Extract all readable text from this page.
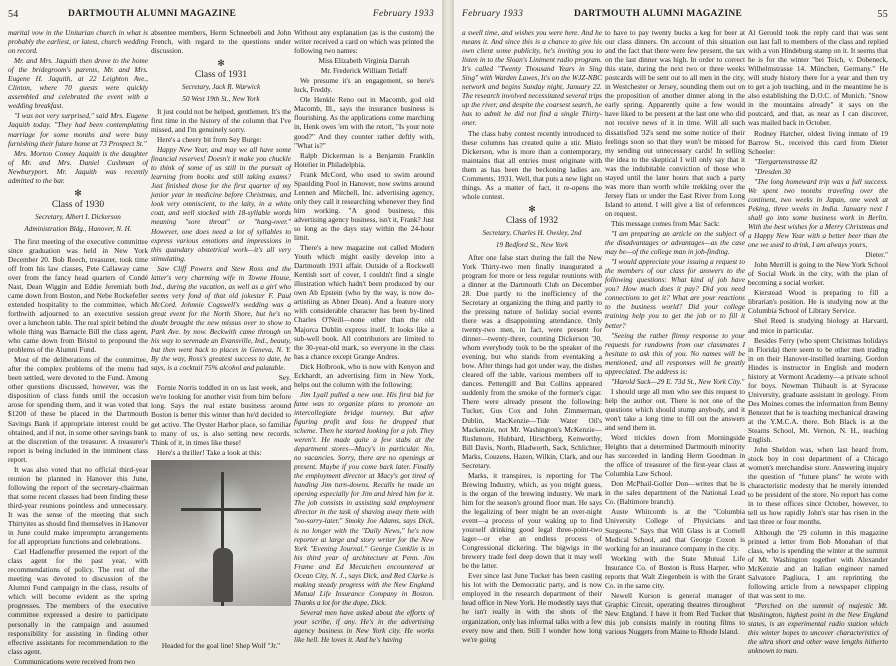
54	DARTMOUTH ALUMNI MAGAZINE	February 1933

marital vow in the Unitarian church in what is probably the earliest, or latest, church wedding on record.

Mr. and Mrs. Jaquith then drove to the home of the bridegroom's parents, Mr. and Mrs. Eugene H. Jaquith, at 22 Leighton Ave., Clinton, where 70 guests were quickly assembled and celebrated the event with a wedding breakfast.

"I was not very surprised," said Mrs. Eugene Jaquith today. "They had been contemplating marriage for some months and were busy furnishing their future home at 73 Prospect St."

Mrs. Morton Comey Jaquith is the daughter of Mr. and Mrs. Daniel Cushman of Newburyport. Mr. Jaquith was recently admitted to the bar.

✻
Class of 1930
Secretary, Albert I. Dickerson
Administration Bldg., Hanover, N. H.

The first meeting of the executive committee since graduation was held in New York December 20. Bob Reech, treasurer, took time off from his law classes, Pete Callaway came over from the fancy head quarters of Condé Nast, Dean Wiggin and Eddie Jeremiah both came down from Boston, and Nebe Rockefeller extended hospitality to the committee, which forthwith adjourned to an executive session over a luncheon table. The real spirit behind the whole thing was Barnacle Bill the class agent, who came down from Bristol to propound the problems of the Alumni Fund.

Most of the deliberations of the committee, after the complex problems of the menu had been settled, were devoted to the Fund. Among other questions discussed, however, was the disposition of class funds until the occasion arose for spending them, and it was voted that $1200 of these be placed in the Dartmouth Savings Bank if appropriate interest could be obtained, and if not, in some other savings bank at the discretion of the treasurer. A treasurer's report is being included in the imminent class report.

It was also voted that no official third-year reunion be planned in Hanover this June, following the report of the secretary-chairman that some recent classes had been finding these third-year reunions pointless and unnecessary. It was the sense of the meeting that such Thirtyites as should find themselves in Hanover in June could make impromptu arrangements for all appropriate functions and celebrations.

Carl Hadfeneffer presented the report of the class agent for the past year, with recommendations of policy. The rest of the meeting was devoted to discussion of the Alumni Fund campaign in the class, results of which will become evident as the spring progresses. The members of the executive committee expressed a desire to participate personally in the campaign and assumed responsibility for assisting in finding other effective assistants for recommendation to the class agent.

Communications were received from two

absentee members, Herm Schneebeli and John French, with regard to the questions under discussion.

✻
Class of 1931
Secretary, Jack R. Warwick
50 West 19th St., New York

It just could not be helped, gentlemen. It's the first time in the history of the column that I've missed, and I'm genuinely sorry.

Here's a cheery bit from Sey Burge:

Happy New Year, and may we all have some financial reserves! Doesn't it make you chuckle to think of some of us still in the pursuit of learning from books and still taking exams? Just finished those for the first quarter of my junior year in medicine before Christmas, and look very omniscient, to the laity, in a white coat, and well stocked with 18-syllable words meaning "sore throat" or "hang-over." However, one does need a lot of syllables to express various emotions and impressions in this quandary obstetrical work—it's all very stimulating.

Saw Cliff Powers and Stew Ross and the latter's very charming wife in Towne House, Ind., during the vacation, as well as a girl who seems very fond of that old jokester F. Paul McCord. Johnnie Cogswell's wedding was a great event for the North Shore, but he's no doubt brought the new missus over to show to Park Ave. by now. Beckwith came through on his way to serenade an Evansville, Ind., beauty, but then went back to places in Geneva, N. Y. By the way, Ross's greatest success to date, he says, is a cocktail 75% alcohol and palatable.

Sey.

Fornie Norris toddled in on us last week, and we're looking for another visit from him before long. Says the real estate business around Boston is better this winter than he'd decided to get active. The Oyster Harbor place, so familiar to many of us, is also setting new records. Think of it, in times like these!

Here's a thriller! Take a look at this:

Headed for the goal line! Shep Wolf "Jr."

Without any explanation (as is the custom) the writer received a card on which was printed the following two names:

Miss Elizabeth Virginia Darrah

Mr. Frederick William Tetlaff

We presume it's an engagement, so here's luck, Freddy.

Ole Henkle Reno out in Macomb, god old Macomb, Ill., says the insurance business is flourishing. As the applications come marching in, Henk owes 'em with the retort, "Is your note good?" And they counter rather deftly with, "What is?"

Ralph Dickerman is a Benjamin Franklin Hotelier in Philadelphia.

Frank McCord, who used to swim around Spaulding Pool in Hanover, now swims around Lennen and Mitchell, Inc. advertising agency, only they call it researching whenever they find him working. "A good business, this advertising agency business, isn't it, Frank? Just so long as the days stay within the 24-hour limit.

There's a new magazine out called Modern Youth which might easily develop into a Dartmouth 1931 affair. Outside of a Rockwell Kentish sort of cover, I couldn't find a single illustration which hadn't been produced by our own Ab Epstein (who by the way, is now do-artistiing as Abner Dean). And a feature story with considerable character has been by-lined Charles O'Neill—none other than the old Majorca Dublin express itself. It looks like a sub-well book. All contributors are limited to the 30-year-old mark, so everyone in the class has a chance except Grange Andres.

Dick Holbrook, who is now with Kenyon and Eckhardt, an advertising firm in New York, helps out the column with the following:

Jim Lyall pulled a new one. His first bid for fame was to organize plans to promote an intercollegiate bridge tourney. But after figuring profit and loss he dropped that scheme. Then he started looking for a job. They weren't. He made quite a few stabs at the department stores—Macy's in particular. No, no vacancies. Sorry, there are no openings at present. Maybe if you come back later. Finally the employment director at Macy's got tired of handing Jim turn-downs. Recalls he made an opening especially for Jim and hired him for it. The job consists in assisting said employment director in the task of shaving away them with "no-sorry-later." Smoky Joe Adams, says Dick, is no longer with the "Daily News," he's now reporter at large and story writer for the New York "Evening Journal." George Conklin is in his third year of architecture at Penn. Jim Frame and Ed Mecutchen encountered at Ocean City, N. J., says Dick, and Red Clarke is making steady progress with the New England Mutual Life Insurance Company in Boston. Thanks a lot for the dope, Dick.

Several men have asked about the efforts of your scribe, if any. He's in the advertising agency business in New York city. He works like hell. He loves it. And he's having

February 1933	DARTMOUTH ALUMNI MAGAZINE	55

a swell time, and wishes you were here. And he means it. And since this is a chance to give his own client some publicity, he's inviting you to listen in to the Sloan's Liniment radio program. It's called "Twenty Thousand Years in Sing Sing" with Warden Lawes, It's on the WJZ-NBC network and begins Sunday night, January 22. The research involved necessitated several trips up the river, and despite the coarsest search, he has to admit he did not find a single Thirty-oner.

The class baby contest recently introduced to these columns has created quite a stir. Misto Dickerson, who is more than a contemporary, maintains that all entries must originate with them as has been the beckoning ladies are. Comments, 1931. Well, that puts a new light on things. As a matter of fact, it re-opens the whole contest.

✻
Class of 1932
Secretary, Charles H. Owsley, 2nd
19 Bedford St., New York

After one false start during the fall the New York Thirty-two men finally inaugurated a program for more or less regular reunions with a dinner at the Dartmouth Club on December 28. Due partly to the inefficiency of the Secretary at organizing the thing and partly to the pressing nature of holiday social events there was a disappointing attendance. Only twenty-two men, in fact, were present for dinner—twenty-three, counting Dickerson '30, whom everybody took to be the speaker of the evening, but who stands from eventaking a bow. After things had got under way, the dishes cleared off the table, various members off to dances. Pettengill and But Collins appeared suddenly from the smoke of the former's cigar. There were already present the following: Tucker, Gus Cox and John Zimmerman, Dublin, MacKenzie—Tide Water Oil's Mackenzie, not Mr. Washington's McKenzie—Rushmore, Hubbard, Hirschberg, Kenworthy, Bill Davis, North, Bladworth, Sack, Schlichter, Marks, Couzens, Hazen, Wilkin, Clark, and our Secretary.

Marks, it transpires, is reporting for The Brewing Industry, which, as you might guess, is the organ of the brewing industry. We mark him for the season's ground floor man. He says the legalizing of beer might be an over-night event—a process of your waking up to find yourself drinking good legal three-point-two lager—or else an endless process of Congressional dickering. The bigwigs in the brewery trade feel deep down that it may well be the latter.

Ever since last June Tucker has been casting his lot with the Democratic party, and is now employed in the research department of their head office in New York. He modestly says that he isn't really in with the shots of the organization, only has informal talks with a few every now and then. Still I wonder how long we're going

to have to pay twenty bucks a keg for beer at our class dinners. On account of this situation and the fact that there were few present, the tax on the last dinner was high. In order to correct this state, during the next two or three weeks postcards will be sent out to all men in the city, in Westchester or Jersey, sounding them out on the proposition of another dinner along in the early spring. Apparently quite a few would have liked to be present at the last one who did not receive news of it in time. Will all such dissatisfied '32's send me some notice of their feelings soon so that they won't be missed for my sending out unnecessary cards! In selling the idea to the skeptical I will only say that it was the indubitable conviction of those who stayed until the later hours that such a party was more than worth while trekking over the Jersey flats or under the East River from Long Island to attend. I will give a list of references on request.

This message comes from Mac Sack:

"I am preparing an article on the subject of the disadvantages or advantages—as the case may be—of the college man in job-finding.

"I would appreciate your issuing a request to the members of our class for answers to the following questions: What kind of job have you? How much does it pay? Did you need connections to get it? What are your reactions to the business world? Did your college training help you to get the job or to fill it better?

"Seeing the rather flimsy response to your requests for rundowns from our classmates I hesitate to ask this of you. No names will be mentioned, and all responses will be greatly appreciated. The address is:

"Harold Sack—29 E. 73d St., New York City."

I should urge all men who see this request to help the author out. There is not one of the questions which should stump anybody, and it won't take a long time to fill out the answers and send them in.

Word trickles down from Morningside Heights that a determined Dartmouth minority has succeeded in landing Herm Goodman in the office of treasurer of the first-year class at Columbia Law School.

Don McPhail-Goller Don—writes that he is in the sales department of the National Lead Co. (Baltimore branch).

Auste Whitcomb is at the "Columbia University College of Physicians and Surgeons." Says that Will Glass is at Cornell Medical School, and that George Coxon is working for an insurance company in the city.

Working with the State Mutual Life Insurance Co. of Boston is Russ Harper, who reports that Walt Ziegenbein is with the Grant Co. in the same city.

Newell Kurson is general manager of Graphic Circuit, operating theatres throughout New England. I have it from Red Tucker that this job consists mainly in routing films to various Nuggets from Maine to Rhode Island.

Al Gerould took the reply card that was sent out last fall to members of the class and replied with a von Hindeburg stamp on it. It seems that he is for the winter "bei Teich, v. Dobeneck, Wilhelmstrasse 14. München, Germany." He will study history there for a year and then try to get a job teaching, and in the meantime he is also establishing the D.O.C. of Munich. "Snow in the mountains already" it says on the postcard, and that, as near as I can discover, was mailed back in October.

Rodney Hatcher, oldest living inmate of 19 Barrow St., received this card from Dieter Scheeler:

"Tiergartenstrasse 82

"Dresden 30

"The long homeward trip was a full success. We spent two months traveling over the continent, two weeks in Japan, one week at Peking, three weeks in India. January next I shall go into some business work in Berlin. With the best wishes for a Merry Christmas and a Happy New Year with a better beer than the one we used to drink, I am always yours,

Dieter."

John Merrill is going to the New York School of Social Work in the city, with the plan of becoming a social worker.

Kierstead Wood is preparing to fill a librarian's position. He is studying now at the Columbia School of Library Service.

Shel Reed is studying biology at Harvard, and mice in particular.

Besides Ferry (who spent Christmas holidays in Florida) there seem to be other men trading in on their Hanover-instilled learning. Gordon Hindes is instructor in English and modern history at Vermont Academy—a private school for boys. Newman Thibault is at Syracuse University, graduate assistant in geology. From Des Moines comes the information from Benny Benezet that he is teaching mechanical drawing at the Y.M.C.A. there. Bob Black is at the Stearns School, Mt. Vernon, N. H., teaching English.

John Sheldon was, when last heard from, stock boy in cost department of a Chicago women's merchandise store. Answering inquiry the question of "future plans" he wrote with characteristic modesty that he merely intended to be president of the store. No report has come in to these offices since October, however, to tell us how rapidly John's star has risen in the last three or four months.

Although the '29 column in this magazine printed a letter from Bob Monahan of that class, who is spending the winter at the summit of Mt. Washington together with Alexander McKenzie and an Italian engineer named Salvatore Pagliuca, I am reprinting the following article from a newspaper clipping that was sent to me.

"Perched on the summit of majestic Mt. Washington, highest point in the New England states, is an experimental radio station which this winter hopes to uncover characteristics of the ultra short and other wave lengths hitherto unknown to man.
